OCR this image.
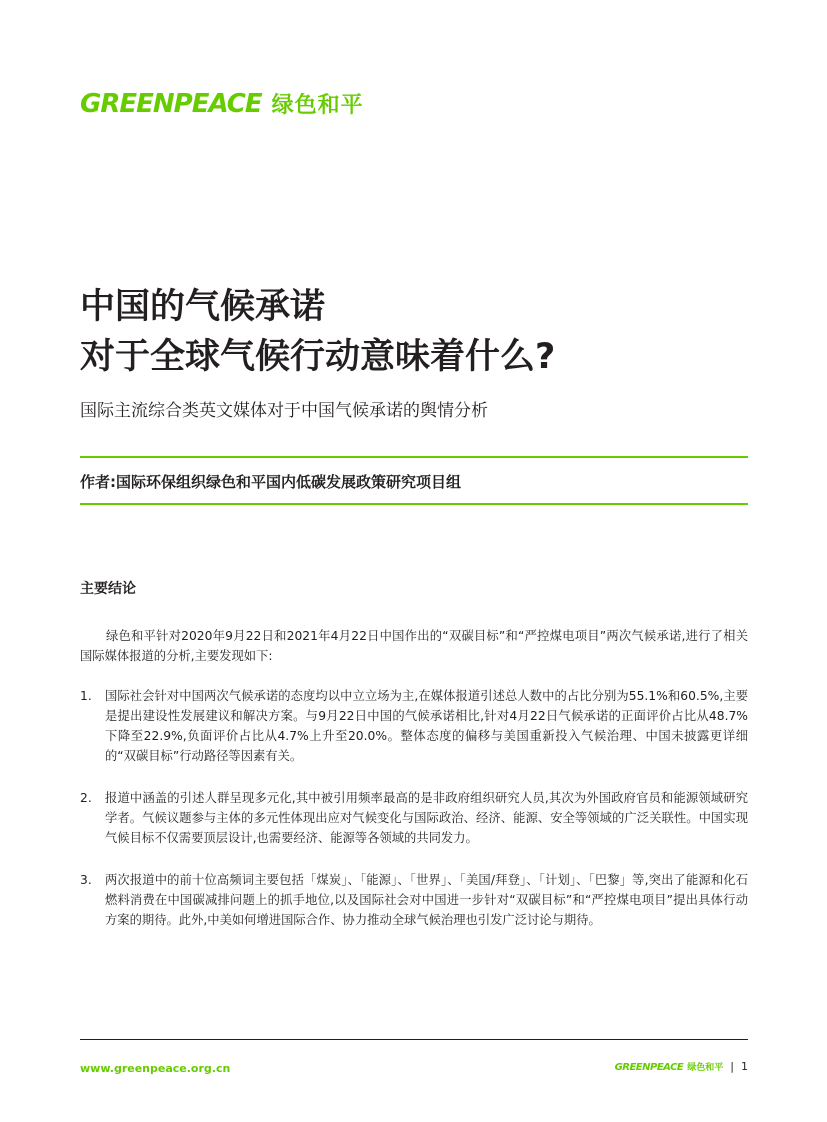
GREENPEACE 绿色和平
中国的气候承诺
对于全球气候行动意味着什么?
国际主流综合类英文媒体对于中国气候承诺的舆情分析
作者:国际环保组织绿色和平国内低碳发展政策研究项目组
主要结论

绿色和平针对2020年9月22日和2021年4月22日中国作出的“双碳目标”和“严控煤电项目”两次气候承诺,进行了相关国际媒体报道的分析,主要发现如下:

1.	国际社会针对中国两次气候承诺的态度均以中立立场为主,在媒体报道引述总人数中的占比分别为55.1%和60.5%,主要是提出建设性发展建议和解决方案。与9月22日中国的气候承诺相比,针对4月22日气候承诺的正面评价占比从48.7%下降至22.9%,负面评价占比从4.7%上升至20.0%。整体态度的偏移与美国重新投入气候治理、中国未披露更详细的“双碳目标”行动路径等因素有关。
2.	报道中涵盖的引述人群呈现多元化,其中被引用频率最高的是非政府组织研究人员,其次为外国政府官员和能源领域研究学者。气候议题参与主体的多元性体现出应对气候变化与国际政治、经济、能源、安全等领域的广泛关联性。中国实现气候目标不仅需要顶层设计,也需要经济、能源等各领域的共同发力。
3.	两次报道中的前十位高频词主要包括「煤炭」、「能源」、「世界」、「美国/拜登」、「计划」、「巴黎」等,突出了能源和化石燃料消费在中国碳减排问题上的抓手地位,以及国际社会对中国进一步针对“双碳目标”和“严控煤电项目”提出具体行动方案的期待。此外,中美如何增进国际合作、协力推动全球气候治理也引发广泛讨论与期待。
www.greenpeace.org.cn	GREENPEACE 绿色和平 | 1
